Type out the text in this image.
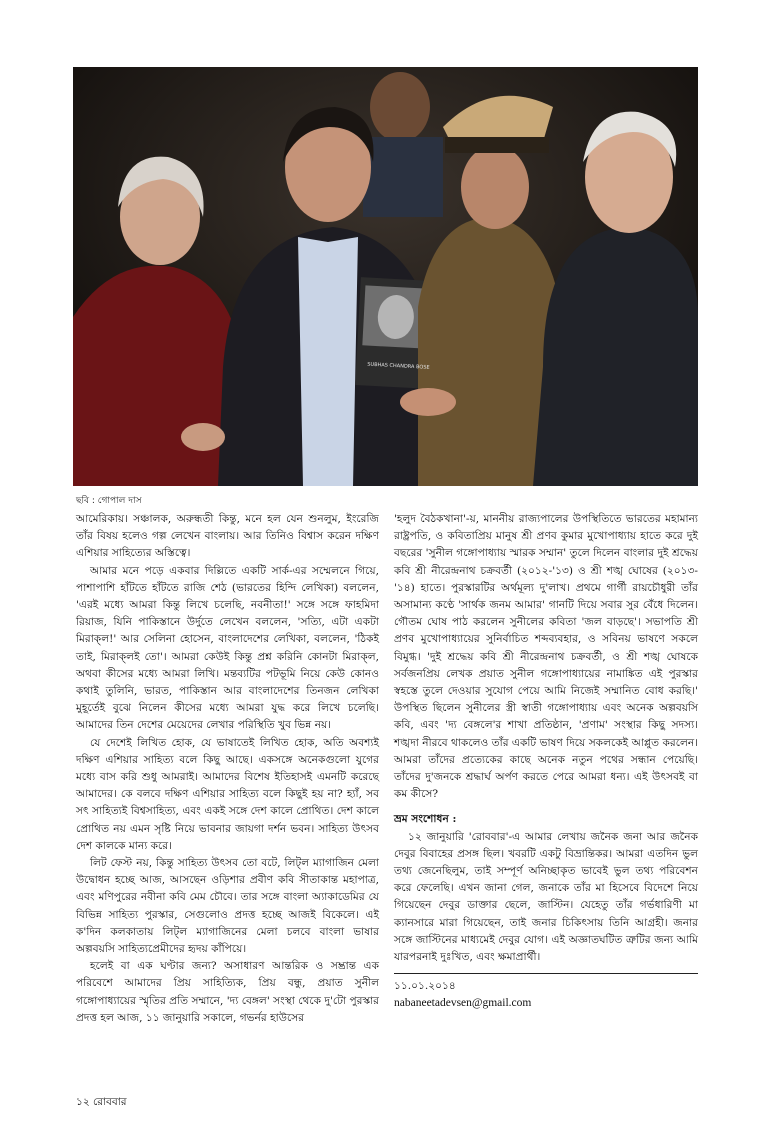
SUBHAS CHANDRA BOSE
ছবি : গোপাল দাস

আমেরিকায়। সঞ্চালক, অরুন্ধতী কিন্তু, মনে হল যেন শুনলুম, ইংরেজি তাঁর বিষয় হলেও গল্প লেখেন বাংলায়। আর তিনিও বিশ্বাস করেন দক্ষিণ এশিয়ার সাহিত্যের অস্তিত্বে।

আমার মনে পড়ে একবার দিল্লিতে একটি সার্ক-এর সম্মেলনে গিয়ে, পাশাপাশি হাঁটতে হাঁটতে রাজি শেঠ (ভারতের হিন্দি লেখিকা) বললেন, 'এরই মধ্যে আমরা কিন্তু লিখে চলেছি, নবনীতা!' সঙ্গে সঙ্গে ফাহমিদা রিয়াজ, যিনি পাকিস্তানে উর্দুতে লেখেন বললেন, 'সত্যি, এটা একটা মিরাক্‌ল!' আর সেলিনা হোসেন, বাংলাদেশের লেখিকা, বললেন, 'ঠিকই তাই, মিরাক্‌লই তো'। আমরা কেউই কিন্তু প্রশ্ন করিনি কোনটা মিরাক্‌ল, অথবা কীসের মধ্যে আমরা লিখি। মন্তব্যটির পটভূমি নিয়ে কেউ কোনও কথাই তুলিনি, ভারত, পাকিস্তান আর বাংলাদেশের তিনজন লেখিকা মুহূর্তেই বুঝে নিলেন কীসের মধ্যে আমরা যুদ্ধ করে লিখে চলেছি। আমাদের তিন দেশের মেয়েদের লেখার পরিস্থিতি খুব ভিন্ন নয়।

যে দেশেই লিখিত হোক, যে ভাষাতেই লিখিত হোক, অতি অবশ্যই দক্ষিণ এশিয়ার সাহিত্য বলে কিছু আছে। একসঙ্গে অনেকগুলো যুগের মধ্যে বাস করি শুধু আমরাই। আমাদের বিশেষ ইতিহাসই এমনটি করেছে আমাদের। কে বলবে দক্ষিণ এশিয়ার সাহিত্য বলে কিছুই হয় না? হ্যাঁ, সব সৎ সাহিত্যই বিশ্বসাহিত্য, এবং একই সঙ্গে দেশ কালে প্রোথিত। দেশ কালে প্রোথিত নয় এমন সৃষ্টি নিয়ে ভাবনার জায়গা দর্শন ভবন। সাহিত্য উৎসব দেশ কালকে মান্য করে।

লিট ফেস্ট নয়, কিন্তু সাহিত্য উৎসব তো বটে, লিট্‌ল ম্যাগাজিন মেলা উদ্বোধন হচ্ছে আজ, আসছেন ওড়িশার প্রবীণ কবি সীতাকান্ত মহাপাত্র, এবং মণিপুরের নবীনা কবি মেম চৌবে। তার সঙ্গে বাংলা অ্যাকাডেমির যে বিভিন্ন সাহিত্য পুরস্কার, সেগুলোও প্রদত্ত হচ্ছে আজই বিকেলে। এই ক'দিন কলকাতায় লিট্‌ল ম্যাগাজিনের মেলা চলবে বাংলা ভাষার অল্পবয়সি সাহিত্যপ্রেমীদের হৃদয় কাঁপিয়ে।

হলেই বা এক ঘণ্টার জন্য? অসাধারণ আন্তরিক ও সম্ভ্রান্ত এক পরিবেশে আমাদের প্রিয় সাহিত্যিক, প্রিয় বন্ধু, প্রয়াত সুনীল গঙ্গোপাধ্যায়ের স্মৃতির প্রতি সম্মানে, 'দ্য বেঙ্গল' সংস্থা থেকে দু'টো পুরস্কার প্রদত্ত হল আজ, ১১ জানুয়ারি সকালে, গভর্নর হাউসের

'হলুদ বৈঠকখানা'-য়, মাননীয় রাজ্যপালের উপস্থিতিতে ভারতের মহামান্য রাষ্ট্রপতি, ও কবিতাপ্রিয় মানুষ শ্রী প্রণব কুমার মুখোপাধ্যায় হাতে করে দুই বছরের 'সুনীল গঙ্গোপাধ্যায় স্মারক সম্মান' তুলে দিলেন বাংলার দুই শ্রদ্ধেয় কবি শ্রী নীরেন্দ্রনাথ চক্রবর্তী (২০১২-'১৩) ও শ্রী শঙ্খ ঘোষের (২০১৩-'১৪) হাতে। পুরস্কারটির অর্থমূল্য দু'লাখ। প্রথমে গার্গী রায়চৌধুরী তাঁর অসামান্য কণ্ঠে 'সার্থক জনম আমার' গানটি দিয়ে সবার সুর বেঁধে দিলেন। গৌতম ঘোষ পাঠ করলেন সুনীলের কবিতা 'জল বাড়ছে'। সভাপতি শ্রী প্রণব মুখোপাধ্যায়ের সুনির্বাচিত শব্দব্যবহার, ও সবিনয় ভাষণে সকলে বিমুগ্ধ। 'দুই শ্রদ্ধেয় কবি শ্রী নীরেন্দ্রনাথ চক্রবর্তী, ও শ্রী শঙ্খ ঘোষকে সর্বজনপ্রিয় লেখক প্রয়াত সুনীল গঙ্গোপাধ্যায়ের নামাঙ্কিত এই পুরস্কার স্বহস্তে তুলে দেওয়ার সুযোগ পেয়ে আমি নিজেই সম্মানিত বোধ করছি।' উপস্থিত ছিলেন সুনীলের স্ত্রী স্বাতী গঙ্গোপাধ্যায় এবং অনেক অল্পবয়সি কবি, এবং 'দ্য বেঙ্গলে'র শাখা প্রতিষ্ঠান, 'প্রণাম' সংস্থার কিছু সদস্য। শঙ্খদা নীরবে থাকলেও তাঁর একটি ভাষণ দিয়ে সকলকেই আপ্লুত করলেন। আমরা তাঁদের প্রত্যেকের কাছে অনেক নতুন পথের সন্ধান পেয়েছি। তাঁদের দু'জনকে শ্রদ্ধার্ঘ অর্পণ করতে পেরে আমরা ধন্য। এই উৎসবই বা কম কীসে?

ভ্রম সংশোধন :

১২ জানুয়ারি 'রোববার'-এ আমার লেখায় জনৈক জনা আর জনৈক দেবুর বিবাহের প্রসঙ্গ ছিল। খবরটি একটু বিভ্রান্তিকর। আমরা এতদিন ভুল তথ্য জেনেছিলুম, তাই সম্পূর্ণ অনিচ্ছাকৃত ভাবেই ভুল তথ্য পরিবেশন করে ফেলেছি। এখন জানা গেল, জনাকে তাঁর মা হিসেবে বিদেশে নিয়ে গিয়েছেন দেবুর ডাক্তার ছেলে, জাস্টিন। যেহেতু তাঁর গর্ভধারিণী মা ক্যানসারে মারা গিয়েছেন, তাই জনার চিকিৎসায় তিনি আগ্রহী। জনার সঙ্গে জাস্টিনের মাধ্যমেই দেবুর যোগ। এই অজ্ঞাতঘটিত ত্রুটির জন্য আমি যারপরনাই দুঃখিত, এবং ক্ষমাপ্রার্থী।

১১.০১.২০১৪

nabaneetadevsen@gmail.com

১২ রোববার
